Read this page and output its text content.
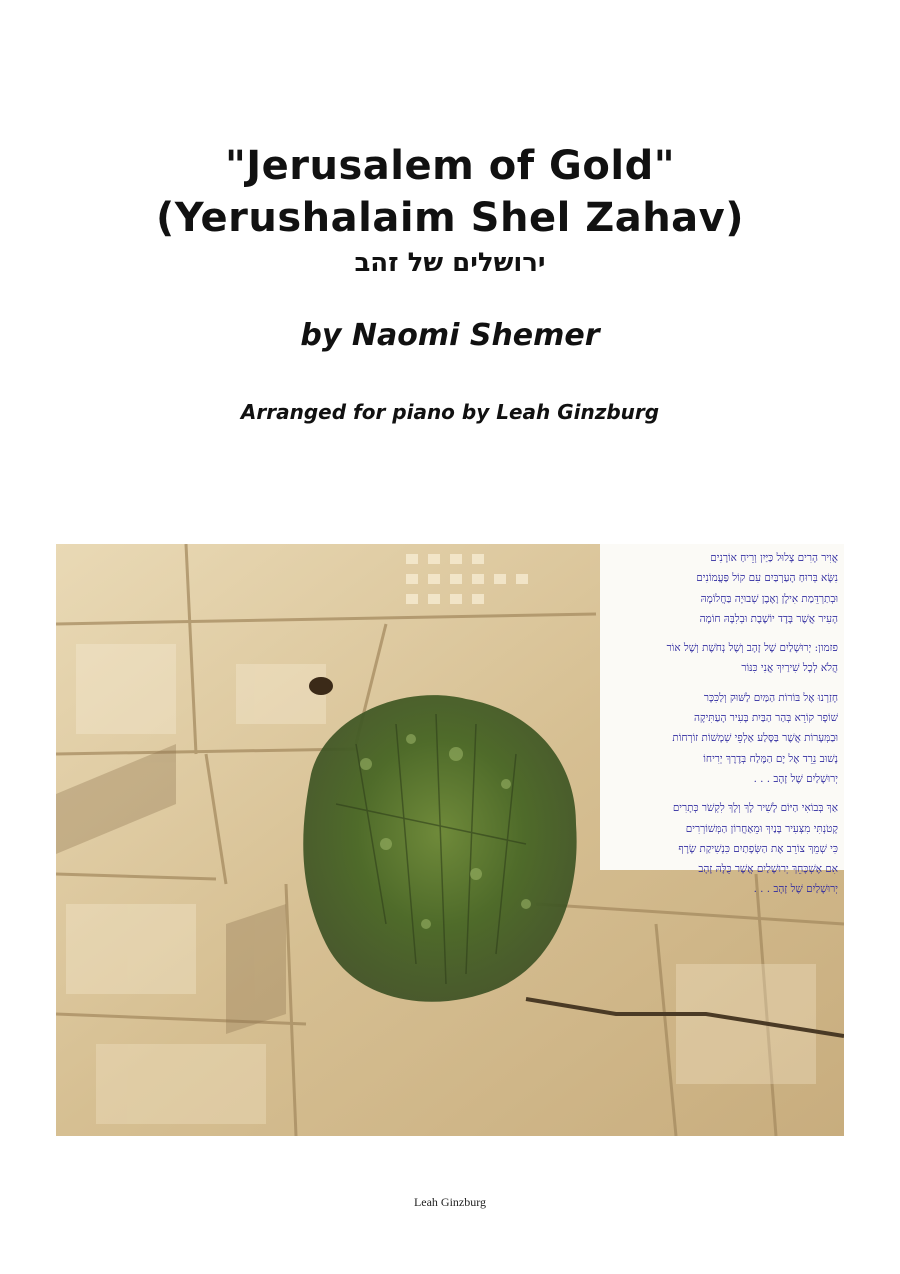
"Jerusalem of Gold"
(Yerushalaim Shel Zahav)
ירושלים של זהב
by Naomi Shemer
Arranged for piano by Leah Ginzburg
אֲוִיר הָרִים צָלוּל כַּיַּיִן וְרֵיחַ אוֹרָנִים
נִשָּׂא בְּרוּחַ הָעַרְבַּיִם עִם קוֹל פַּעֲמוֹנִים
וּבְתַרְדֵּמַת אִילָן וָאֶבֶן שְׁבוּיָה בַּחֲלוֹמָהּ
הָעִיר אֲשֶׁר בָּדָד יוֹשֶׁבֶת וּבְלִבָּהּ חוֹמָה
פזמון: יְרוּשָׁלַיִם שֶׁל זָהָב וְשֶׁל נְחֹשֶׁת וְשֶׁל אוֹר
הֲלֹא לְכָל שִׁירַיִךְ אֲנִי כִּנּוֹר
חָזַרְנוּ אֶל בּוֹרוֹת הַמַּיִם לַשּׁוּק וְלַכִּכָּר
שׁוֹפָר קוֹרֵא בְּהַר הַבַּיִת בָּעִיר הָעַתִּיקָה
וּבַמְּעָרוֹת אֲשֶׁר בַּסֶּלַע אַלְפֵי שְׁמָשׁוֹת זוֹרְחוֹת
נָשׁוּב נֵרֵד אֶל יָם הַמֶּלַח בְּדֶרֶךְ יְרִיחוֹ
יְרוּשָׁלַיִם שֶׁל זָהָב . . .
אַךְ בְּבוֹאִי הַיּוֹם לָשִׁיר לָךְ וְלָךְ לִקְשֹׁר כְּתָרִים
קָטֹנְתִּי מִצְּעִיר בָּנַיִךְ וּמֵאַחֲרוֹן הַמְּשׁוֹרְרִים
כִּי שְׁמֵךְ צוֹרֵב אֶת הַשְּׂפָתַיִם כִּנְשִׁיקַת שָׂרָף
אִם אֶשְׁכָּחֵךְ יְרוּשָׁלַיִם אֲשֶׁר כֻּלָּהּ זָהָב
יְרוּשָׁלַיִם שֶׁל זָהָב . . .
Leah Ginzburg
